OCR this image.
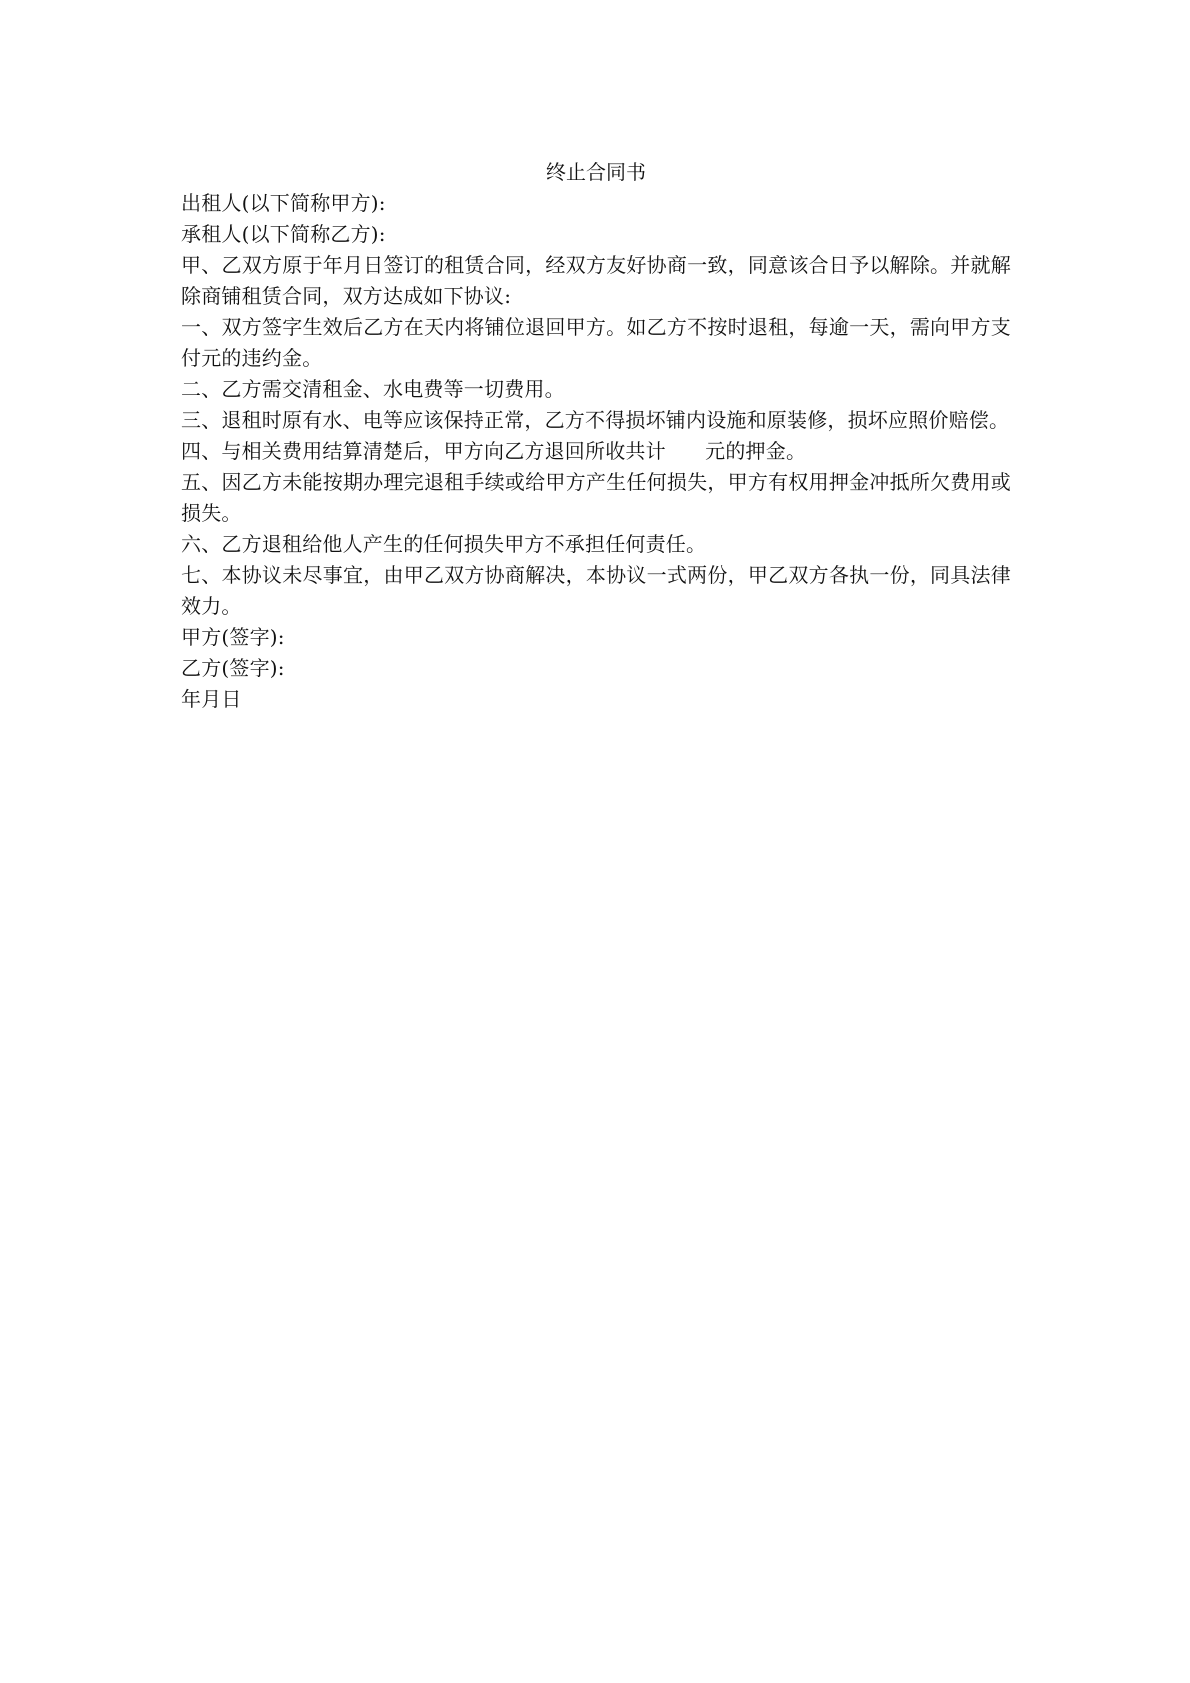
终止合同书

出租人(以下简称甲方):

承租人(以下简称乙方):

甲、乙双方原于年月日签订的租赁合同，经双方友好协商一致，同意该合日予以解除。并就解除商铺租赁合同，双方达成如下协议:

一、双方签字生效后乙方在天内将铺位退回甲方。如乙方不按时退租，每逾一天，需向甲方支付元的违约金。

二、乙方需交清租金、水电费等一切费用。

三、退租时原有水、电等应该保持正常，乙方不得损坏铺内设施和原装修，损坏应照价赔偿。

四、与相关费用结算清楚后，甲方向乙方退回所收共计      元的押金。

五、因乙方未能按期办理完退租手续或给甲方产生任何损失，甲方有权用押金冲抵所欠费用或损失。

六、乙方退租给他人产生的任何损失甲方不承担任何责任。

七、本协议未尽事宜，由甲乙双方协商解决，本协议一式两份，甲乙双方各执一份，同具法律效力。

甲方(签字):

乙方(签字):

年月日
